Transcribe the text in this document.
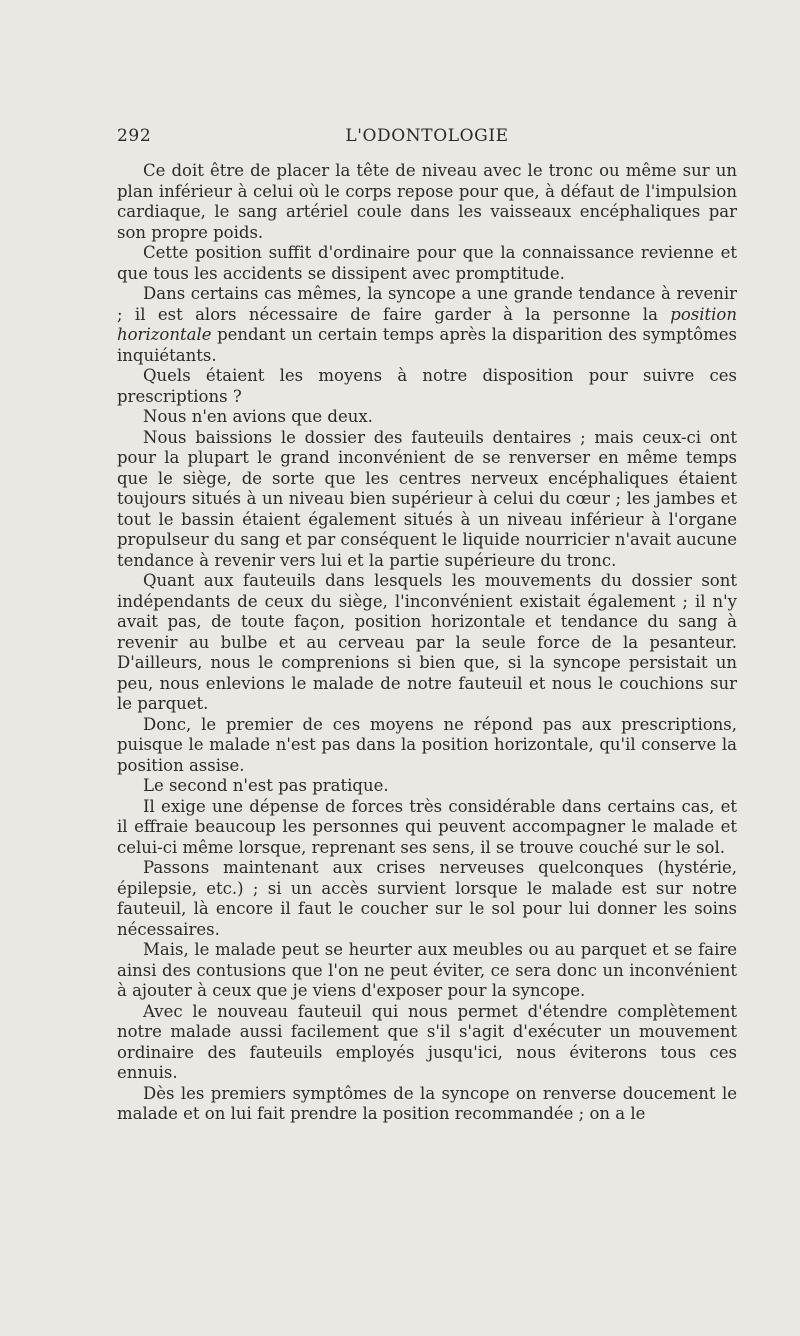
292	L'ODONTOLOGIE

Ce doit être de placer la tête de niveau avec le tronc ou même sur un plan inférieur à celui où le corps repose pour que, à défaut de l'impulsion cardiaque, le sang artériel coule dans les vaisseaux encéphaliques par son propre poids.

Cette position suffit d'ordinaire pour que la connaissance revienne et que tous les accidents se dissipent avec promptitude.

Dans certains cas mêmes, la syncope a une grande tendance à revenir ; il est alors nécessaire de faire garder à la personne la position horizontale pendant un certain temps après la disparition des symptômes inquiétants.

Quels étaient les moyens à notre disposition pour suivre ces prescriptions ?

Nous n'en avions que deux.

Nous baissions le dossier des fauteuils dentaires ; mais ceux-ci ont pour la plupart le grand inconvénient de se renverser en même temps que le siège, de sorte que les centres nerveux encéphaliques étaient toujours situés à un niveau bien supérieur à celui du cœur ; les jambes et tout le bassin étaient également situés à un niveau inférieur à l'organe propulseur du sang et par conséquent le liquide nourricier n'avait aucune tendance à revenir vers lui et la partie supérieure du tronc.

Quant aux fauteuils dans lesquels les mouvements du dossier sont indépendants de ceux du siège, l'inconvénient existait également ; il n'y avait pas, de toute façon, position horizontale et tendance du sang à revenir au bulbe et au cerveau par la seule force de la pesanteur. D'ailleurs, nous le comprenions si bien que, si la syncope persistait un peu, nous enlevions le malade de notre fauteuil et nous le couchions sur le parquet.

Donc, le premier de ces moyens ne répond pas aux prescriptions, puisque le malade n'est pas dans la position horizontale, qu'il conserve la position assise.

Le second n'est pas pratique.

Il exige une dépense de forces très considérable dans certains cas, et il effraie beaucoup les personnes qui peuvent accompagner le malade et celui-ci même lorsque, reprenant ses sens, il se trouve couché sur le sol.

Passons maintenant aux crises nerveuses quelconques (hystérie, épilepsie, etc.) ; si un accès survient lorsque le malade est sur notre fauteuil, là encore il faut le coucher sur le sol pour lui donner les soins nécessaires.

Mais, le malade peut se heurter aux meubles ou au parquet et se faire ainsi des contusions que l'on ne peut éviter, ce sera donc un inconvénient à ajouter à ceux que je viens d'exposer pour la syncope.

Avec le nouveau fauteuil qui nous permet d'étendre complètement notre malade aussi facilement que s'il s'agit d'exécuter un mouvement ordinaire des fauteuils employés jusqu'ici, nous éviterons tous ces ennuis.

Dès les premiers symptômes de la syncope on renverse doucement le malade et on lui fait prendre la position recommandée ; on a le
